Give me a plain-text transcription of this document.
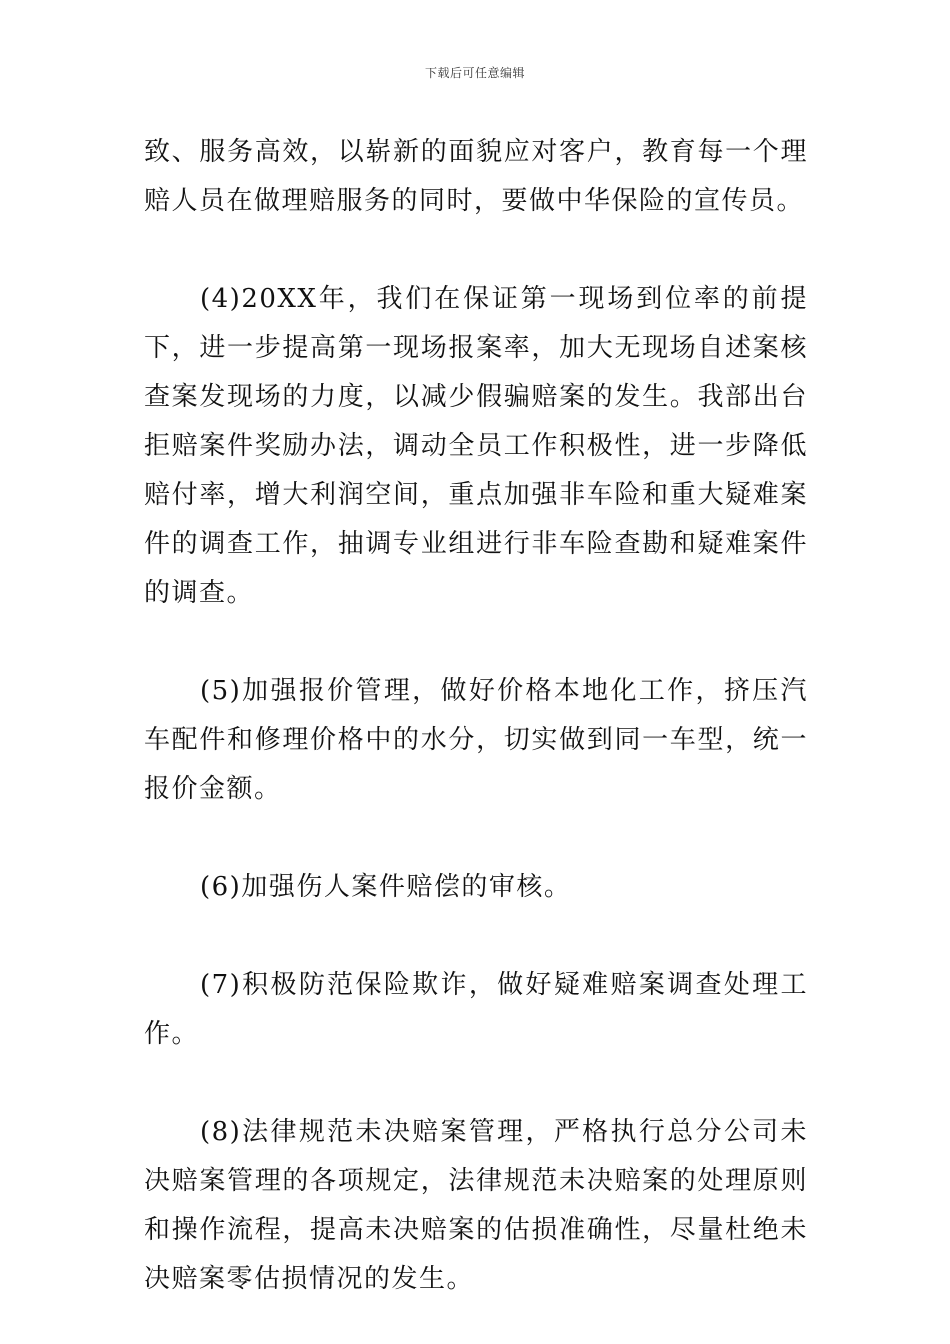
下载后可任意编辑

致、服务高效，以崭新的面貌应对客户，教育每一个理赔人员在做理赔服务的同时，要做中华保险的宣传员。

(4)20XX年，我们在保证第一现场到位率的前提下，进一步提高第一现场报案率，加大无现场自述案核查案发现场的力度，以减少假骗赔案的发生。我部出台拒赔案件奖励办法，调动全员工作积极性，进一步降低赔付率，增大利润空间，重点加强非车险和重大疑难案件的调查工作，抽调专业组进行非车险查勘和疑难案件的调查。

(5)加强报价管理，做好价格本地化工作，挤压汽车配件和修理价格中的水分，切实做到同一车型，统一报价金额。

(6)加强伤人案件赔偿的审核。

(7)积极防范保险欺诈，做好疑难赔案调查处理工作。

(8)法律规范未决赔案管理，严格执行总分公司未决赔案管理的各项规定，法律规范未决赔案的处理原则和操作流程，提高未决赔案的估损准确性，尽量杜绝未决赔案零估损情况的发生。
